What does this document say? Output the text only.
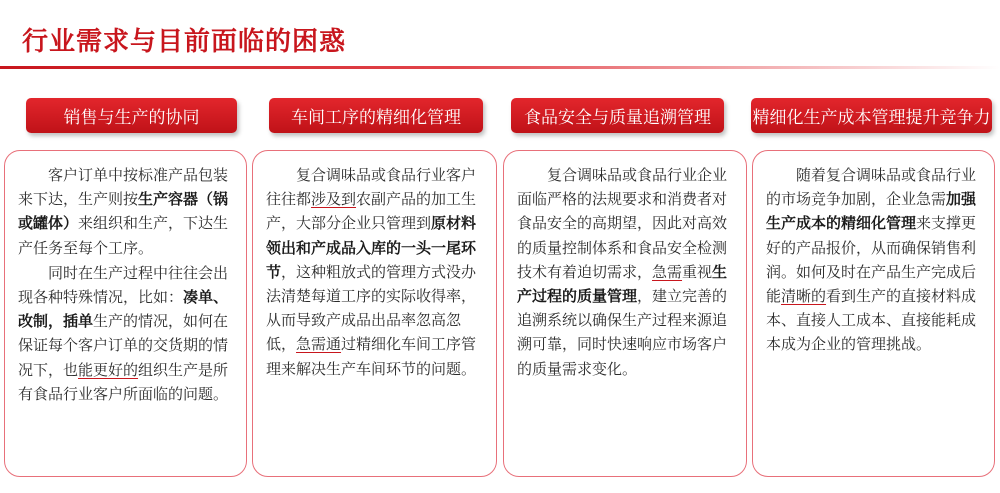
行业需求与目前面临的困惑
销售与生产的协同	车间工序的精细化管理	食品安全与质量追溯管理 精细化生产成本管理提升竞争力

客户订单中按标准产品包装来下达，生产则按生产容器（锅或罐体）来组织和生产，下达生产任务至每个工序。

同时在生产过程中往往会出现各种特殊情况，比如：凑单、改制，插单生产的情况，如何在保证每个客户订单的交货期的情况下，也能更好的组织生产是所有食品行业客户所面临的问题。

复合调味品或食品行业客户往往都涉及到农副产品的加工生产，大部分企业只管理到原材料领出和产成品入库的一头一尾环节，这种粗放式的管理方式没办法清楚每道工序的实际收得率，从而导致产成品出品率忽高忽低，急需通过精细化车间工序管理来解决生产车间环节的问题。

复合调味品或食品行业企业面临严格的法规要求和消费者对食品安全的高期望，因此对高效的质量控制体系和食品安全检测技术有着迫切需求，急需重视生产过程的质量管理，建立完善的追溯系统以确保生产过程来源追溯可靠，同时快速响应市场客户的质量需求变化。

随着复合调味品或食品行业的市场竞争加剧，企业急需加强生产成本的精细化管理来支撑更好的产品报价，从而确保销售利润。如何及时在产品生产完成后能清晰的看到生产的直接材料成本、直接人工成本、直接能耗成本成为企业的管理挑战。
